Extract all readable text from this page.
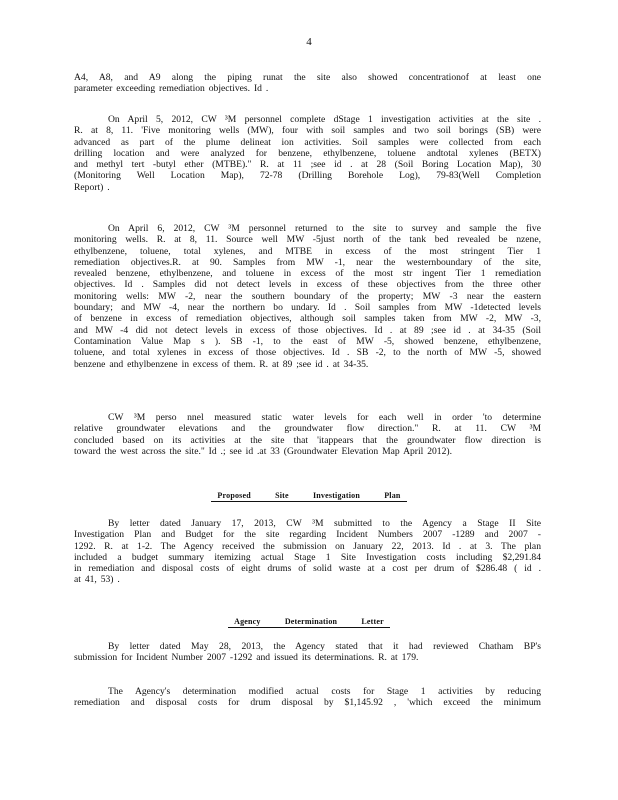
4
A4, A8, and A9 along the piping runat the site also showed concentrationof at least one
parameter exceeding remediation objectives. Id .
On April 5, 2012, CW ³M personnel complete dStage 1 investigation activities at the site .
R. at 8, 11. 'Five monitoring wells (MW), four with soil samples and two soil borings (SB) were
advanced as part of the plume delineat ion activities. Soil samples were collected from each
drilling location and were analyzed for benzene, ethylbenzene, toluene andtotal xylenes (BETX)
and methyl tert -butyl ether (MTBE)." R. at 11 ;see id . at 28 (Soil Boring Location Map), 30
(Monitoring Well Location Map), 72-78 (Drilling Borehole Log), 79-83(Well Completion
Report) .
On April 6, 2012, CW ³M personnel returned to the site to survey and sample the five
monitoring wells. R. at 8, 11. Source well MW -5just north of the tank bed revealed be nzene,
ethylbenzene, toluene, total xylenes, and MTBE in excess of the most stringent Tier 1
remediation objectives.R. at 90. Samples from MW -1, near the westernboundary of the site,
revealed benzene, ethylbenzene, and toluene in excess of the most str ingent Tier 1 remediation
objectives. Id . Samples did not detect levels in excess of these objectives from the three other
monitoring wells: MW -2, near the southern boundary of the property; MW -3 near the eastern
boundary; and MW -4, near the northern bo undary. Id . Soil samples from MW -1detected levels
of benzene in excess of remediation objectives, although soil samples taken from MW -2, MW -3,
and MW -4 did not detect levels in excess of those objectives. Id . at 89 ;see id . at 34-35 (Soil
Contamination Value Map s ). SB -1, to the east of MW -5, showed benzene, ethylbenzene,
toluene, and total xylenes in excess of those objectives. Id . SB -2, to the north of MW -5, showed
benzene and ethylbenzene in excess of them. R. at 89 ;see id . at 34-35.
CW ³M perso nnel measured static water levels for each well in order 'to determine
relative groundwater elevations and the groundwater flow direction." R. at 11. CW ³M
concluded based on its activities at the site that 'itappears that the groundwater flow direction is
toward the west across the site." Id .; see id .at 33 (Groundwater Elevation Map April 2012).
Proposed Site Investigation Plan
By letter dated January 17, 2013, CW ³M submitted to the Agency a Stage II Site
Investigation Plan and Budget for the site regarding Incident Numbers 2007 -1289 and 2007 -
1292. R. at 1-2. The Agency received the submission on January 22, 2013. Id . at 3. The plan
included a budget summary itemizing actual Stage 1 Site Investigation costs including $2,291.84
in remediation and disposal costs of eight drums of solid waste at a cost per drum of $286.48 ( id .
at 41, 53) .
Agency Determination Letter
By letter dated May 28, 2013, the Agency stated that it had reviewed Chatham BP's
submission for Incident Number 2007 -1292 and issued its determinations. R. at 179.
The Agency's determination modified actual costs for Stage 1 activities by reducing
remediation and disposal costs for drum disposal by $1,145.92 , 'which exceed the minimum
